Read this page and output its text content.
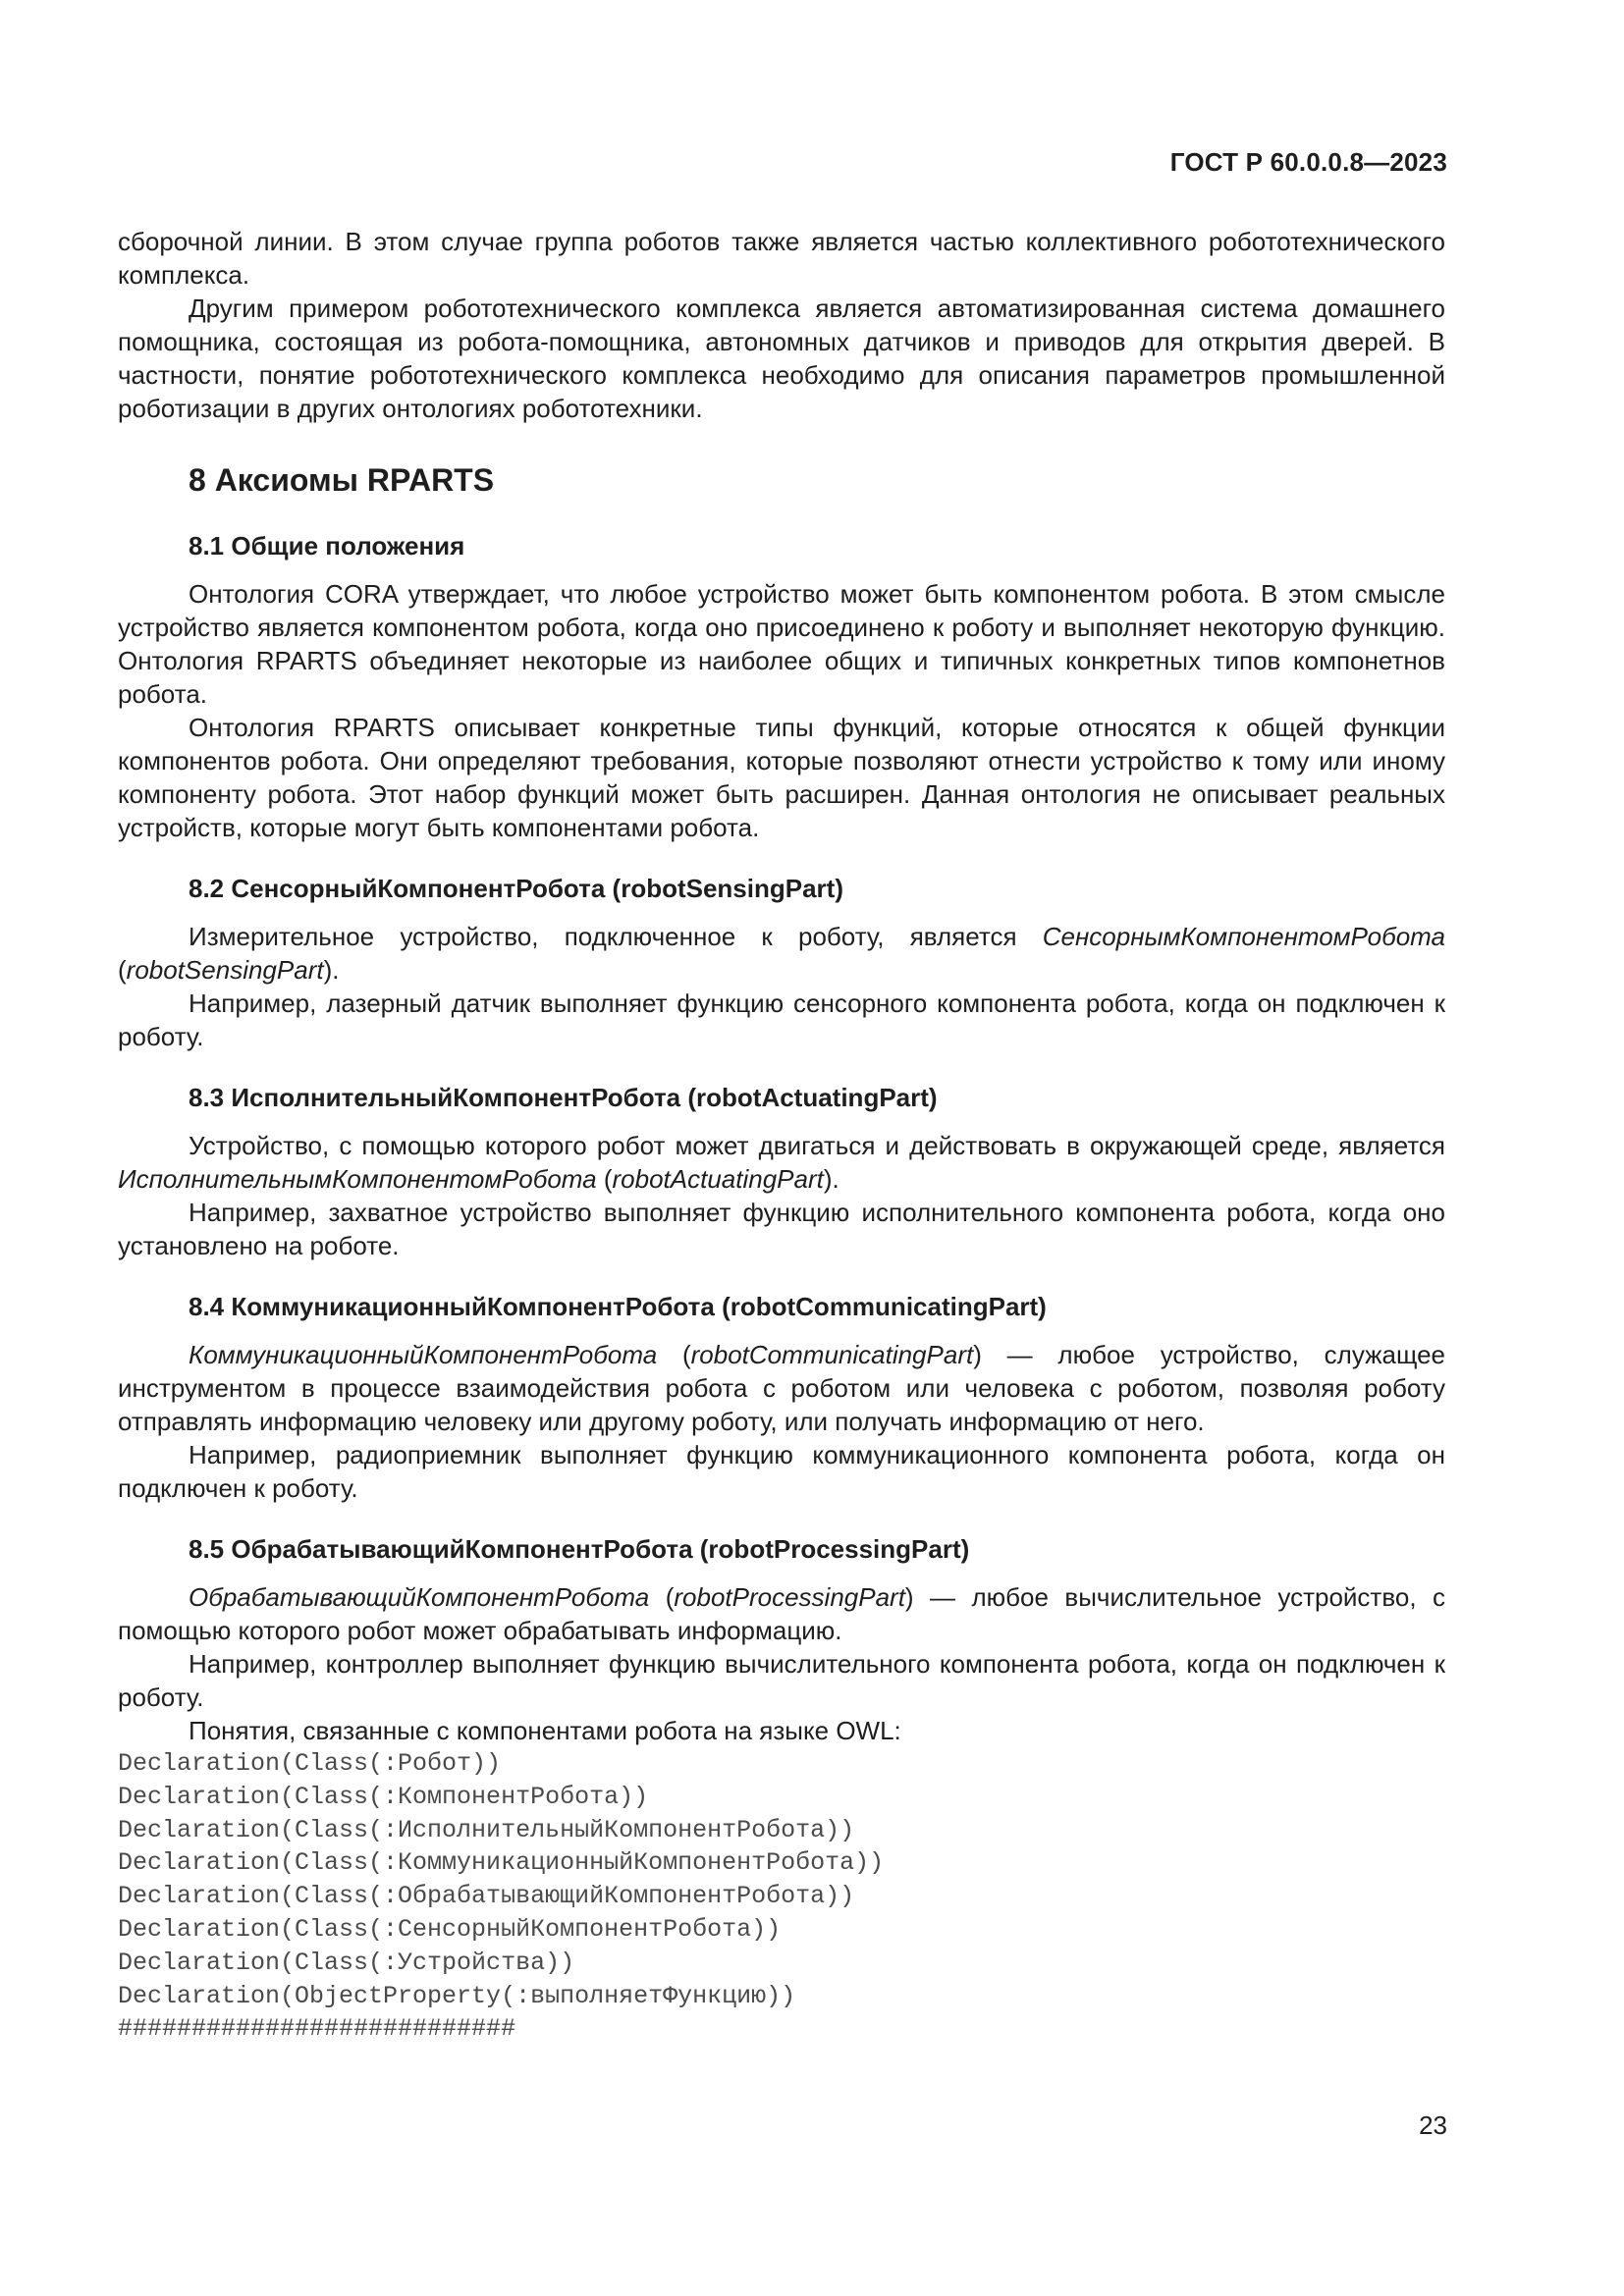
ГОСТ Р 60.0.0.8—2023

сборочной линии. В этом случае группа роботов также является частью коллективного робототехнического комплекса.

Другим примером робототехнического комплекса является автоматизированная система домашнего помощника, состоящая из робота-помощника, автономных датчиков и приводов для открытия дверей. В частности, понятие робототехнического комплекса необходимо для описания параметров промышленной роботизации в других онтологиях робототехники.

8 Аксиомы RPARTS
8.1 Общие положения

Онтология CORA утверждает, что любое устройство может быть компонентом робота. В этом смысле устройство является компонентом робота, когда оно присоединено к роботу и выполняет некоторую функцию. Онтология RPARTS объединяет некоторые из наиболее общих и типичных конкретных типов компонетнов робота.

Онтология RPARTS описывает конкретные типы функций, которые относятся к общей функции компонентов робота. Они определяют требования, которые позволяют отнести устройство к тому или иному компоненту робота. Этот набор функций может быть расширен. Данная онтология не описывает реальных устройств, которые могут быть компонентами робота.

8.2 СенсорныйКомпонентРобота (robotSensingPart)

Измерительное устройство, подключенное к роботу, является СенсорнымКомпонентомРобота (robotSensingPart).

Например, лазерный датчик выполняет функцию сенсорного компонента робота, когда он подключен к роботу.

8.3 ИсполнительныйКомпонентРобота (robotActuatingPart)

Устройство, с помощью которого робот может двигаться и действовать в окружающей среде, является ИсполнительнымКомпонентомРобота (robotActuatingPart).

Например, захватное устройство выполняет функцию исполнительного компонента робота, когда оно установлено на роботе.

8.4 КоммуникационныйКомпонентРобота (robotCommunicatingPart)

КоммуникационныйКомпонентРобота (robotCommunicatingPart) — любое устройство, служащее инструментом в процессе взаимодействия робота с роботом или человека с роботом, позволяя роботу отправлять информацию человеку или другому роботу, или получать информацию от него.

Например, радиоприемник выполняет функцию коммуникационного компонента робота, когда он подключен к роботу.

8.5 ОбрабатывающийКомпонентРобота (robotProcessingPart)

ОбрабатывающийКомпонентРобота (robotProcessingPart) — любое вычислительное устройство, с помощью которого робот может обрабатывать информацию.

Например, контроллер выполняет функцию вычислительного компонента робота, когда он подключен к роботу.

Понятия, связанные с компонентами робота на языке OWL:

Declaration(Class(:Робот))
Declaration(Class(:КомпонентРобота))
Declaration(Class(:ИсполнительныйКомпонентРобота))
Declaration(Class(:КоммуникационныйКомпонентРобота))
Declaration(Class(:ОбрабатывающийКомпонентРобота))
Declaration(Class(:СенсорныйКомпонентРобота))
Declaration(Class(:Устройства))
Declaration(ObjectProperty(:выполняетФункцию))
###########################
23
